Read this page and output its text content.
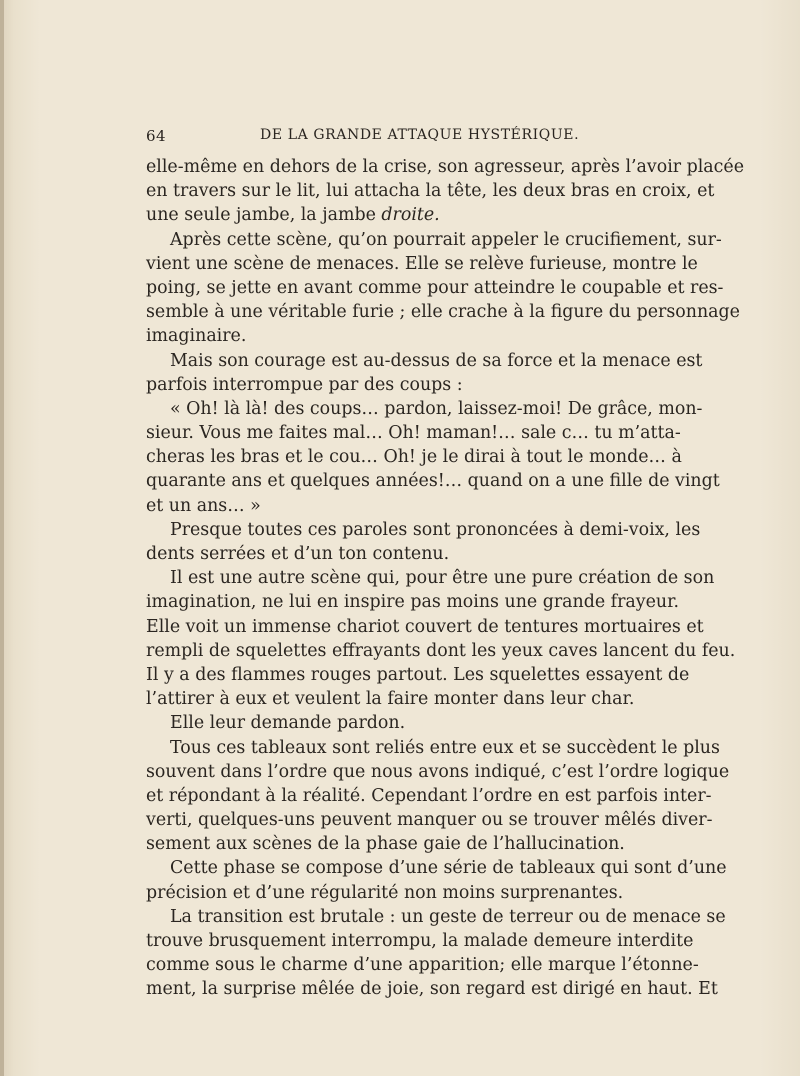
64	DE LA GRANDE ATTAQUE HYSTÉRIQUE.
elle-même en dehors de la crise, son agresseur, après l’avoir placée
en travers sur le lit, lui attacha la tête, les deux bras en croix, et
une seule jambe, la jambe droite.
Après cette scène, qu’on pourrait appeler le crucifiement, sur-
vient une scène de menaces. Elle se relève furieuse, montre le
poing, se jette en avant comme pour atteindre le coupable et res-
semble à une véritable furie ; elle crache à la figure du personnage
imaginaire.
Mais son courage est au-dessus de sa force et la menace est
parfois interrompue par des coups :
« Oh! là là! des coups… pardon, laissez-moi! De grâce, mon-
sieur. Vous me faites mal… Oh! maman!… sale c… tu m’atta-
cheras les bras et le cou… Oh! je le dirai à tout le monde… à
quarante ans et quelques années!… quand on a une fille de vingt
et un ans… »
Presque toutes ces paroles sont prononcées à demi-voix, les
dents serrées et d’un ton contenu.
Il est une autre scène qui, pour être une pure création de son
imagination, ne lui en inspire pas moins une grande frayeur.
Elle voit un immense chariot couvert de tentures mortuaires et
rempli de squelettes effrayants dont les yeux caves lancent du feu.
Il y a des flammes rouges partout. Les squelettes essayent de
l’attirer à eux et veulent la faire monter dans leur char.
Elle leur demande pardon.
Tous ces tableaux sont reliés entre eux et se succèdent le plus
souvent dans l’ordre que nous avons indiqué, c’est l’ordre logique
et répondant à la réalité. Cependant l’ordre en est parfois inter-
verti, quelques-uns peuvent manquer ou se trouver mêlés diver-
sement aux scènes de la phase gaie de l’hallucination.
Cette phase se compose d’une série de tableaux qui sont d’une
précision et d’une régularité non moins surprenantes.
La transition est brutale : un geste de terreur ou de menace se
trouve brusquement interrompu, la malade demeure interdite
comme sous le charme d’une apparition; elle marque l’étonne-
ment, la surprise mêlée de joie, son regard est dirigé en haut. Et
